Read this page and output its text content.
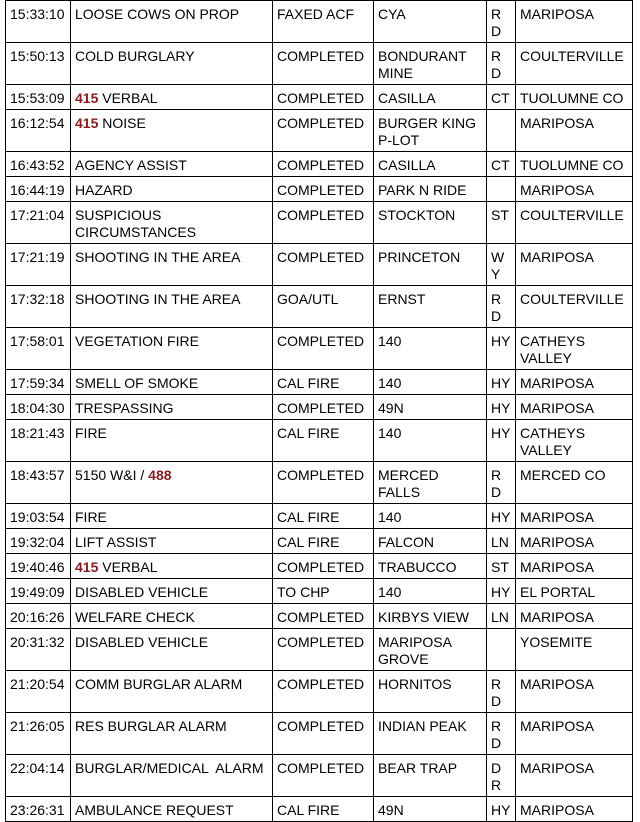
15:33:10	LOOSE COWS ON PROP	FAXED ACF	CYA	RD	MARIPOSA
15:50:13	COLD BURGLARY	COMPLETED	BONDURANT MINE	RD	COULTERVILLE
15:53:09	415 VERBAL	COMPLETED	CASILLA	CT	TUOLUMNE CO
16:12:54	415 NOISE	COMPLETED	BURGER KING P-LOT		MARIPOSA
16:43:52	AGENCY ASSIST	COMPLETED	CASILLA	CT	TUOLUMNE CO
16:44:19	HAZARD	COMPLETED	PARK N RIDE		MARIPOSA
17:21:04	SUSPICIOUS CIRCUMSTANCES	COMPLETED	STOCKTON	ST	COULTERVILLE
17:21:19	SHOOTING IN THE AREA	COMPLETED	PRINCETON	WY	MARIPOSA
17:32:18	SHOOTING IN THE AREA	GOA/UTL	ERNST	RD	COULTERVILLE
17:58:01	VEGETATION FIRE	COMPLETED	140	HY	CATHEYS VALLEY
17:59:34	SMELL OF SMOKE	CAL FIRE	140	HY	MARIPOSA
18:04:30	TRESPASSING	COMPLETED	49N	HY	MARIPOSA
18:21:43	FIRE	CAL FIRE	140	HY	CATHEYS VALLEY
18:43:57	5150 W&I / 488	COMPLETED	MERCED FALLS	RD	MERCED CO
19:03:54	FIRE	CAL FIRE	140	HY	MARIPOSA
19:32:04	LIFT ASSIST	CAL FIRE	FALCON	LN	MARIPOSA
19:40:46	415 VERBAL	COMPLETED	TRABUCCO	ST	MARIPOSA
19:49:09	DISABLED VEHICLE	TO CHP	140	HY	EL PORTAL
20:16:26	WELFARE CHECK	COMPLETED	KIRBYS VIEW	LN	MARIPOSA
20:31:32	DISABLED VEHICLE	COMPLETED	MARIPOSA GROVE		YOSEMITE
21:20:54	COMM BURGLAR ALARM	COMPLETED	HORNITOS	RD	MARIPOSA
21:26:05	RES BURGLAR ALARM	COMPLETED	INDIAN PEAK	RD	MARIPOSA
22:04:14	BURGLAR/MEDICAL  ALARM	COMPLETED	BEAR TRAP	DR	MARIPOSA
23:26:31	AMBULANCE REQUEST	CAL FIRE	49N	HY	MARIPOSA
